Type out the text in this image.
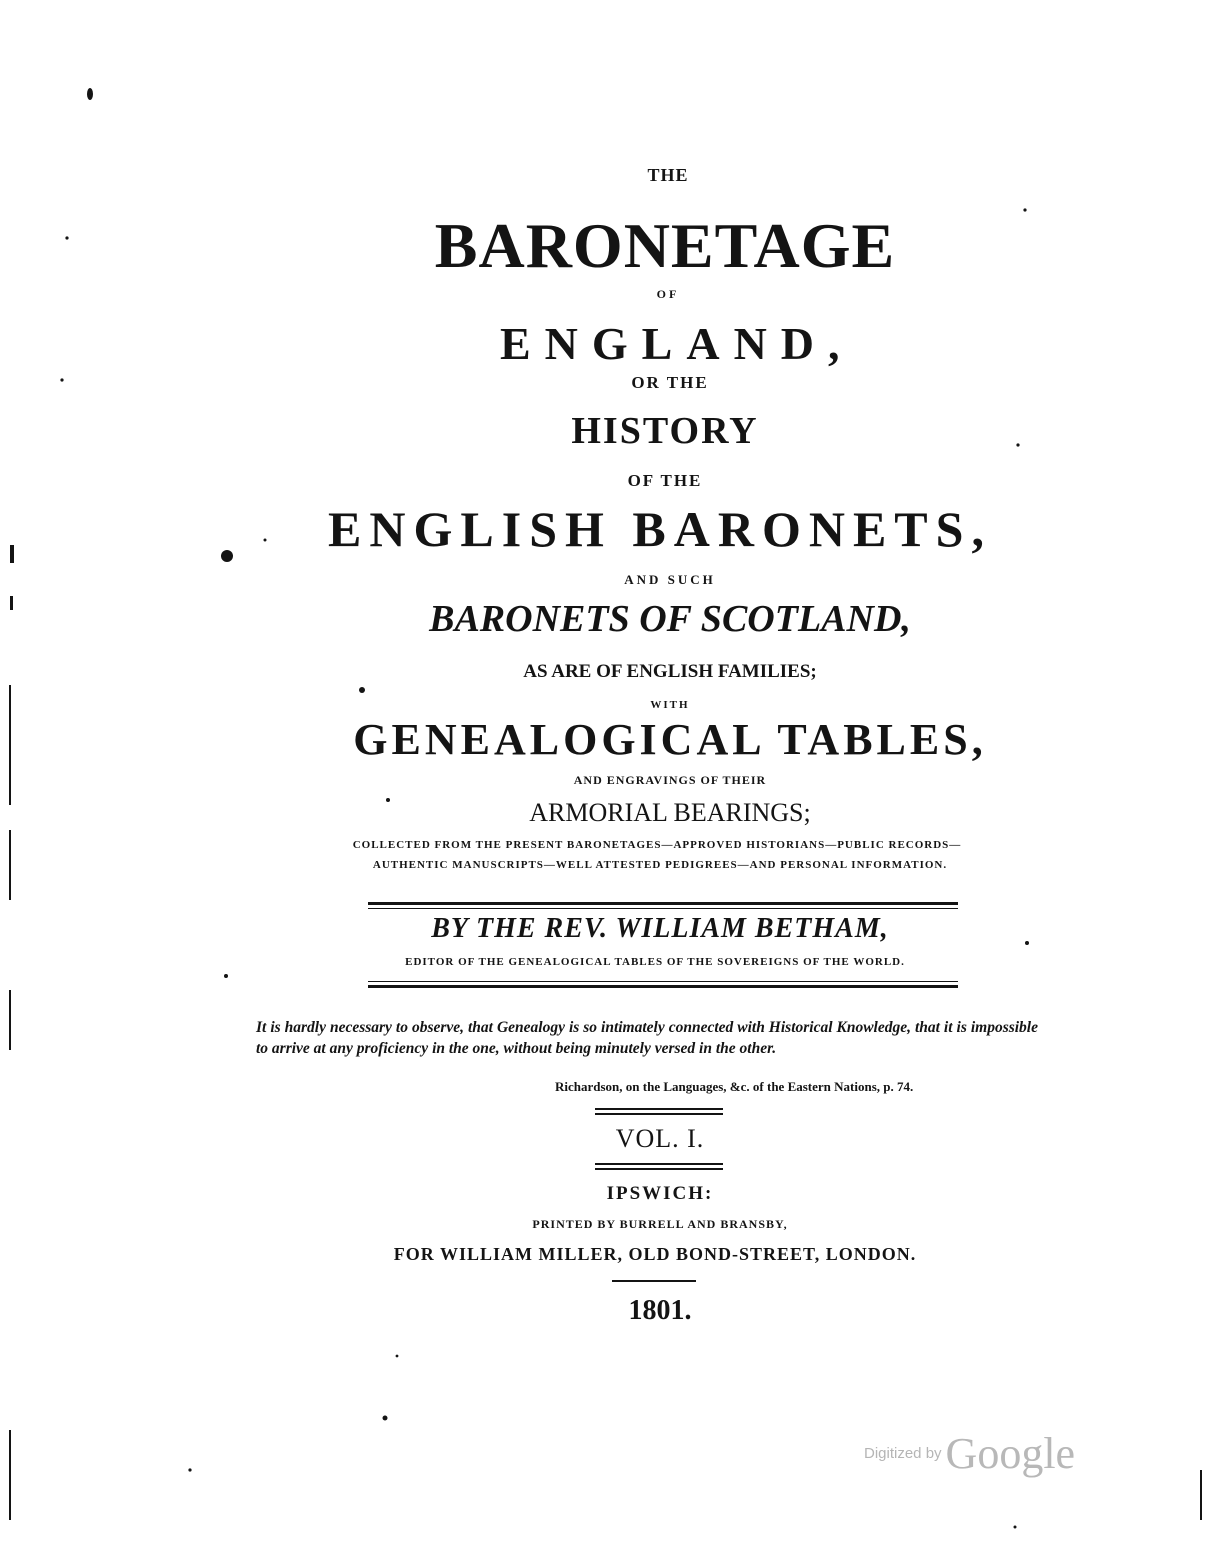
THE
BARONETAGE
OF
ENGLAND,
OR THE
HISTORY
OF THE
ENGLISH BARONETS,
AND SUCH
BARONETS OF SCOTLAND,
AS ARE OF ENGLISH FAMILIES;
WITH
GENEALOGICAL TABLES,
AND ENGRAVINGS OF THEIR
ARMORIAL BEARINGS;
COLLECTED FROM THE PRESENT BARONETAGES—APPROVED HISTORIANS—PUBLIC RECORDS—
AUTHENTIC MANUSCRIPTS—WELL ATTESTED PEDIGREES—AND PERSONAL INFORMATION.
BY THE REV. WILLIAM BETHAM,
EDITOR OF THE GENEALOGICAL TABLES OF THE SOVEREIGNS OF THE WORLD.

It is hardly necessary to observe, that Genealogy is so intimately connected with Historical Knowledge, that it is impossible to arrive at any proficiency in the one, without being minutely versed in the other.

Richardson, on the Languages, &c. of the Eastern Nations, p. 74.
VOL. I.
IPSWICH:
PRINTED BY BURRELL AND BRANSBY,
FOR WILLIAM MILLER, OLD BOND-STREET, LONDON.
1801.
Digitized by Google
